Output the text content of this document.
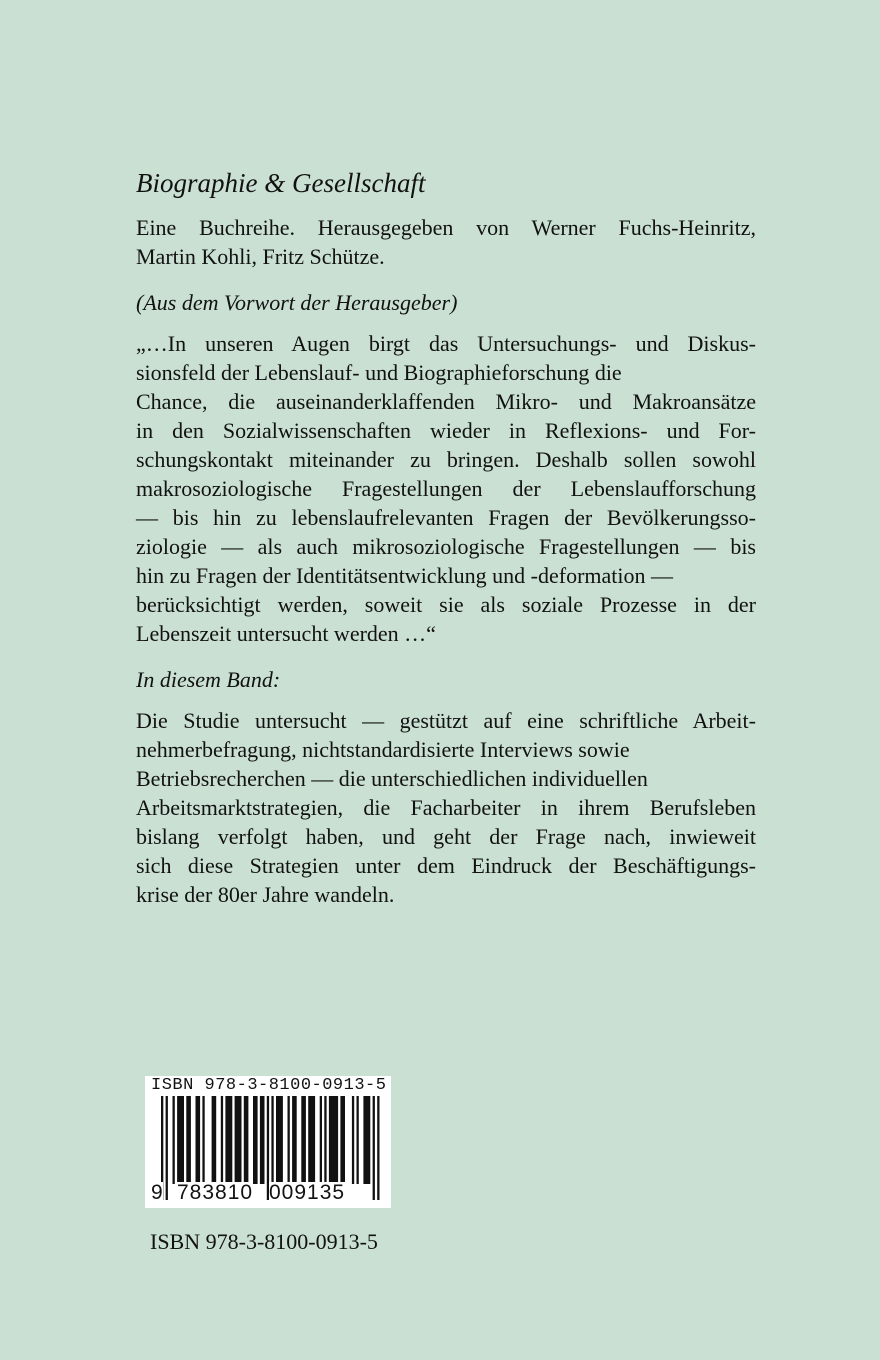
Biographie & Gesellschaft
Eine Buchreihe. Herausgegeben von Werner Fuchs-Heinritz,
Martin Kohli, Fritz Schütze.
(Aus dem Vorwort der Herausgeber)
„…In unseren Augen birgt das Untersuchungs- und Diskus-
sionsfeld der Lebenslauf- und Biographieforschung die
Chance, die auseinanderklaffenden Mikro- und Makroansätze
in den Sozialwissenschaften wieder in Reflexions- und For-
schungskontakt miteinander zu bringen. Deshalb sollen sowohl
makrosoziologische Fragestellungen der Lebenslaufforschung
— bis hin zu lebenslaufrelevanten Fragen der Bevölkerungsso-
ziologie — als auch mikrosoziologische Fragestellungen — bis
hin zu Fragen der Identitätsentwicklung und -deformation —
berücksichtigt werden, soweit sie als soziale Prozesse in der
Lebenszeit untersucht werden …“
In diesem Band:
Die Studie untersucht — gestützt auf eine schriftliche Arbeit-
nehmerbefragung, nichtstandardisierte Interviews sowie
Betriebsrecherchen — die unterschiedlichen individuellen
Arbeitsmarktstrategien, die Facharbeiter in ihrem Berufsleben
bislang verfolgt haben, und geht der Frage nach, inwieweit
sich diese Strategien unter dem Eindruck der Beschäftigungs-
krise der 80er Jahre wandeln.
ISBN 978-3-8100-0913-5
9 783810 009135
ISBN 978-3-8100-0913-5
